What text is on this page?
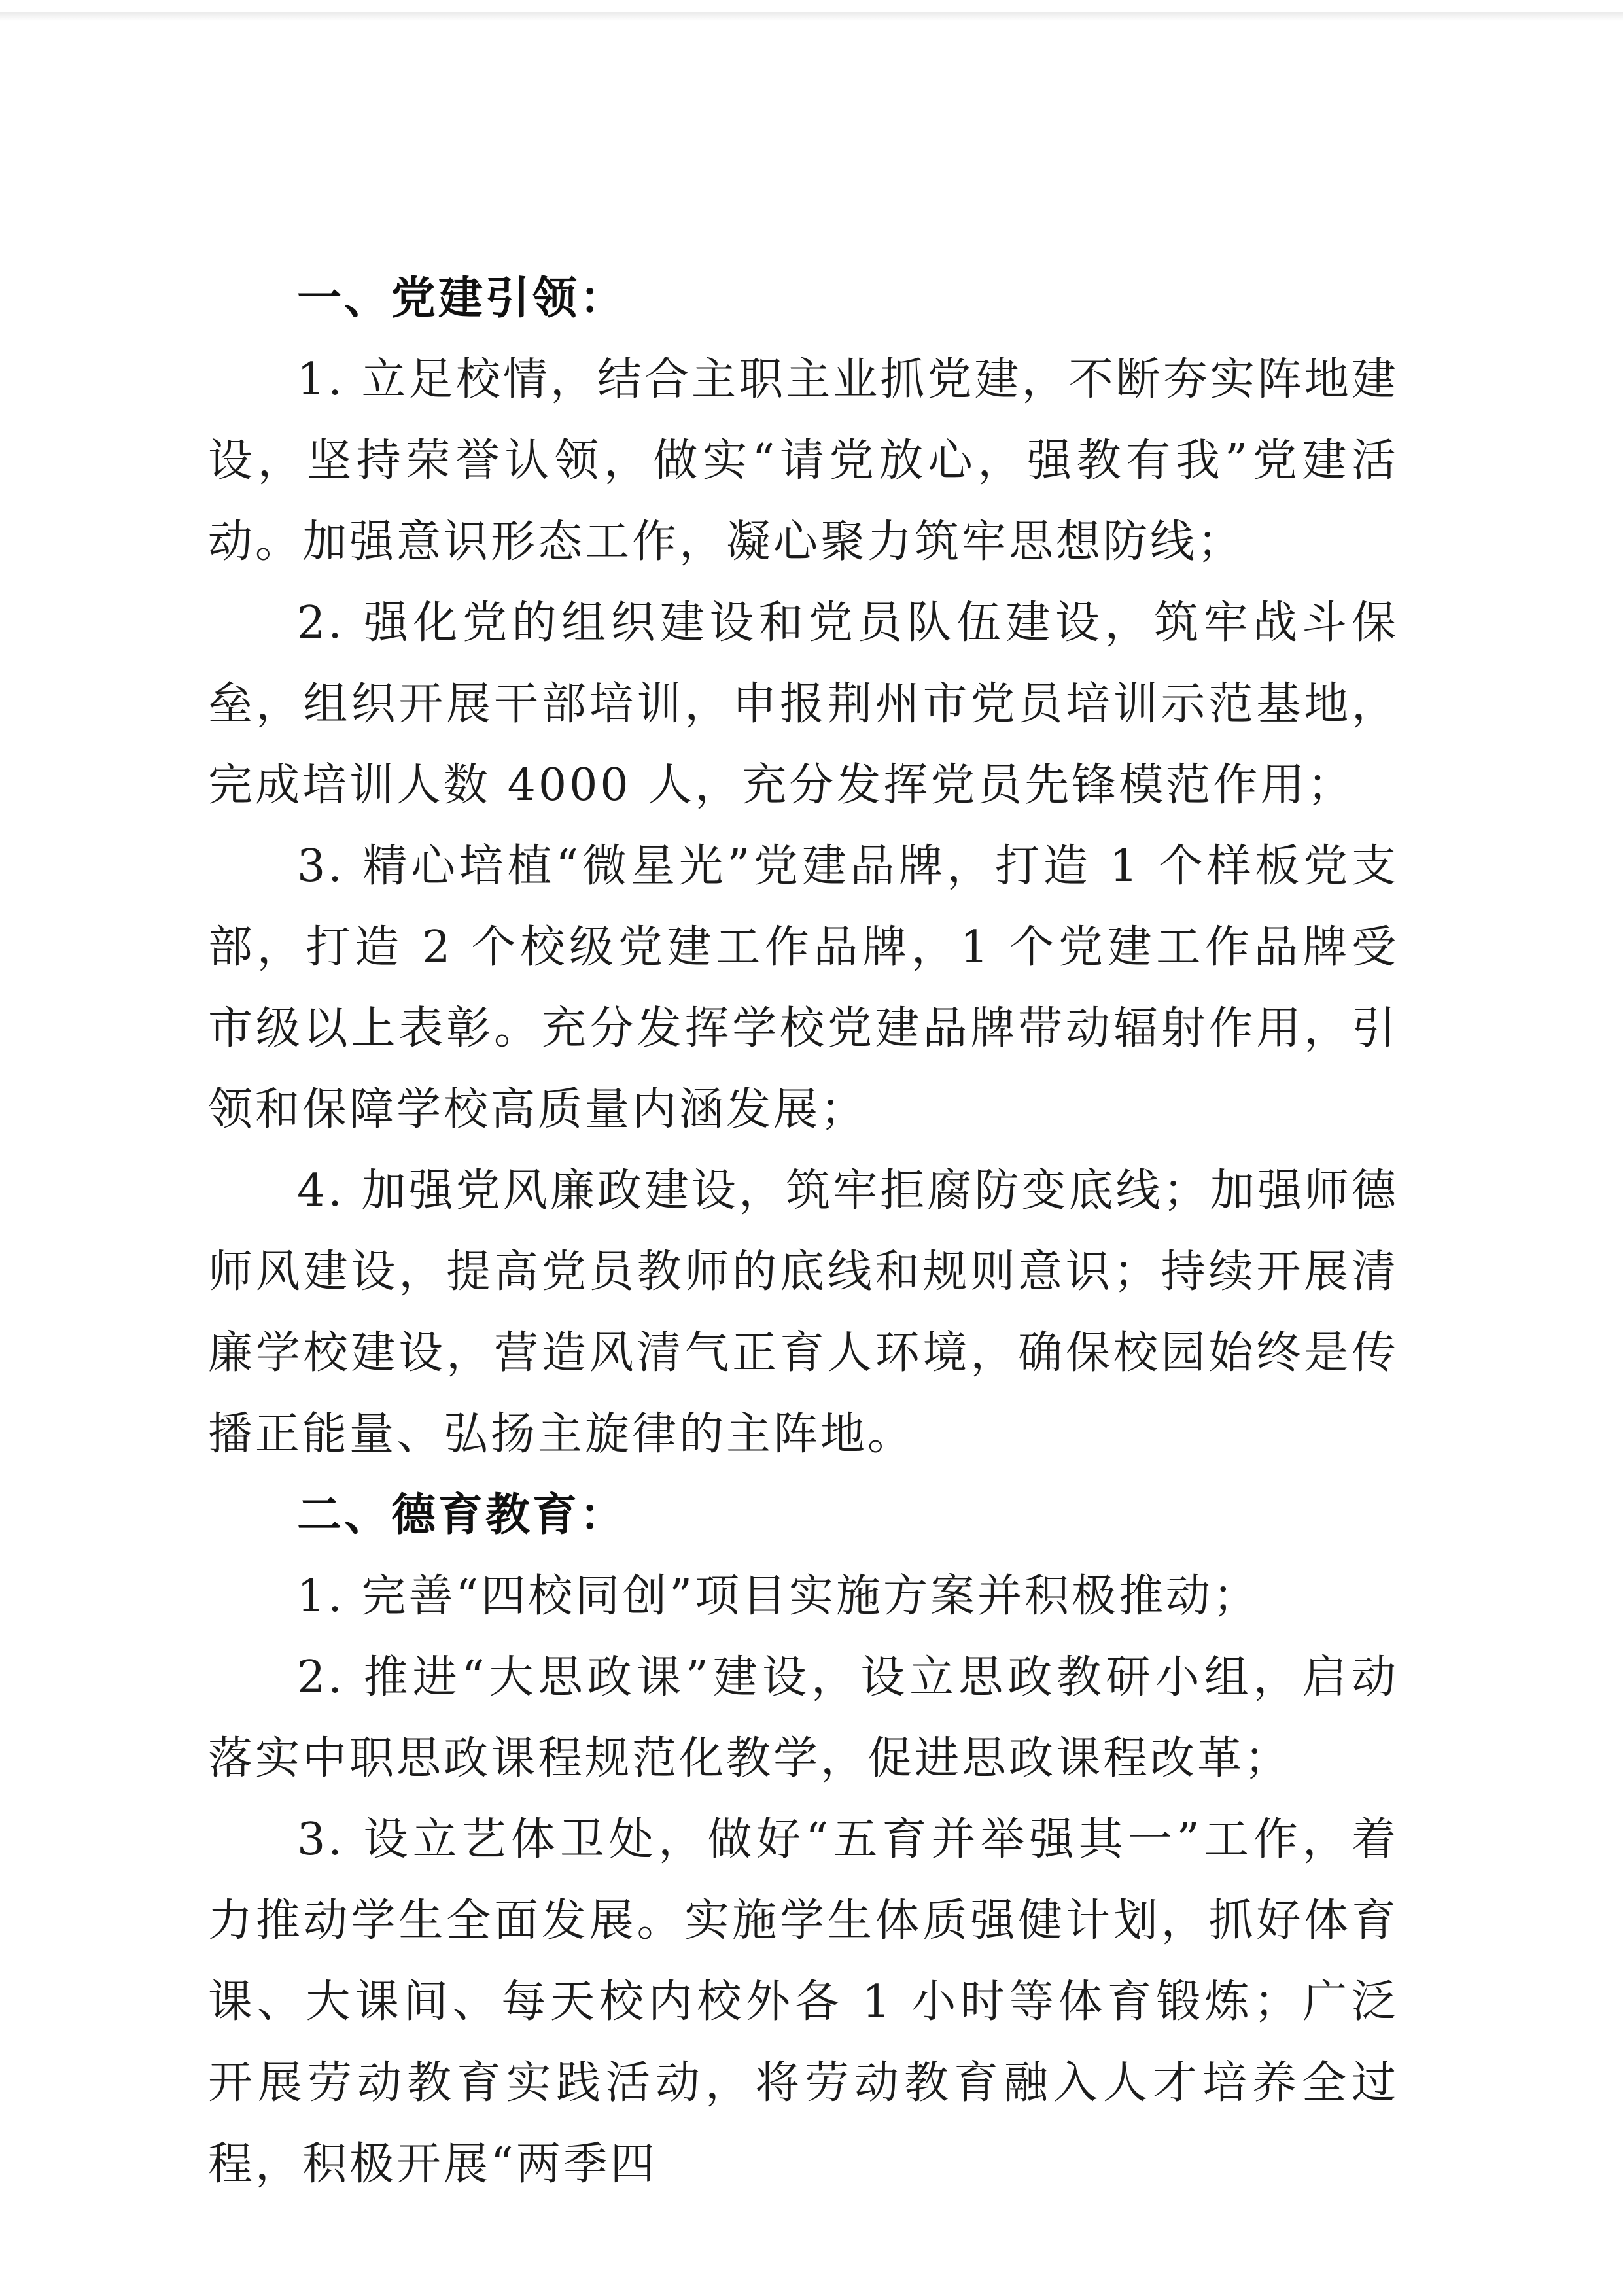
一、党建引领：

1. 立足校情，结合主职主业抓党建，不断夯实阵地建设，坚持荣誉认领，做实“请党放心，强教有我”党建活动。加强意识形态工作，凝心聚力筑牢思想防线；

2. 强化党的组织建设和党员队伍建设，筑牢战斗保垒，组织开展干部培训，申报荆州市党员培训示范基地，完成培训人数 4000 人，充分发挥党员先锋模范作用；

3. 精心培植“微星光”党建品牌，打造 1 个样板党支部，打造 2 个校级党建工作品牌，1 个党建工作品牌受市级以上表彰。充分发挥学校党建品牌带动辐射作用，引领和保障学校高质量内涵发展；

4. 加强党风廉政建设，筑牢拒腐防变底线；加强师德师风建设，提高党员教师的底线和规则意识；持续开展清廉学校建设，营造风清气正育人环境，确保校园始终是传播正能量、弘扬主旋律的主阵地。

二、德育教育：

1. 完善“四校同创”项目实施方案并积极推动；

2. 推进“大思政课”建设，设立思政教研小组，启动落实中职思政课程规范化教学，促进思政课程改革；

3. 设立艺体卫处，做好“五育并举强其一”工作，着力推动学生全面发展。实施学生体质强健计划，抓好体育课、大课间、每天校内校外各 1 小时等体育锻炼；广泛开展劳动教育实践活动，将劳动教育融入人才培养全过程，积极开展“两季四
